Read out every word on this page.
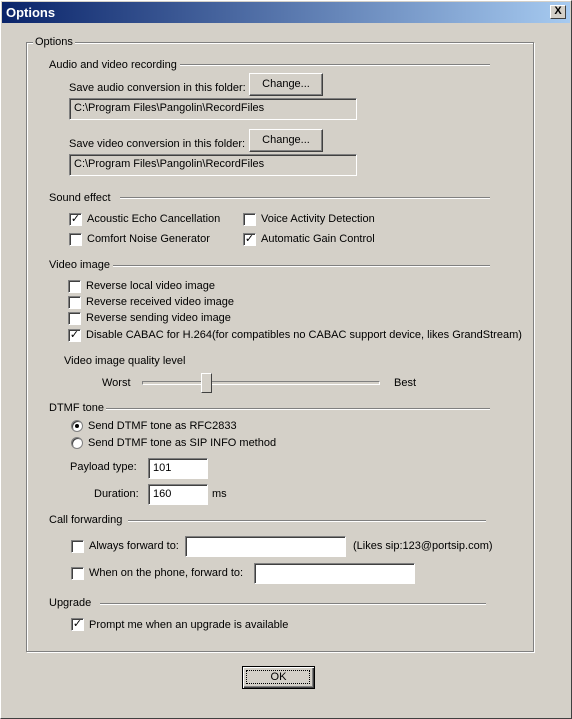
Options	X
Options
Audio and video recording
Save audio conversion in this folder:	Change...
C:\Program Files\Pangolin\RecordFiles
Save video conversion in this folder:	Change...
C:\Program Files\Pangolin\RecordFiles
Sound effect
✓ Acoustic Echo Cancellation	Voice Activity Detection
Comfort Noise Generator	✓ Automatic Gain Control
Video image
Reverse local video image
Reverse received video image
Reverse sending video image
✓ Disable CABAC for H.264(for compatibles no CABAC support device, likes GrandStream)
Video image quality level
Worst	Best
DTMF tone
Send DTMF tone as RFC2833
Send DTMF tone as SIP INFO method
Payload type:	101
Duration:	160	ms
Call forwarding
Always forward to:	(Likes sip:123@portsip.com)
When on the phone, forward to:
Upgrade
✓ Prompt me when an upgrade is available
OK
